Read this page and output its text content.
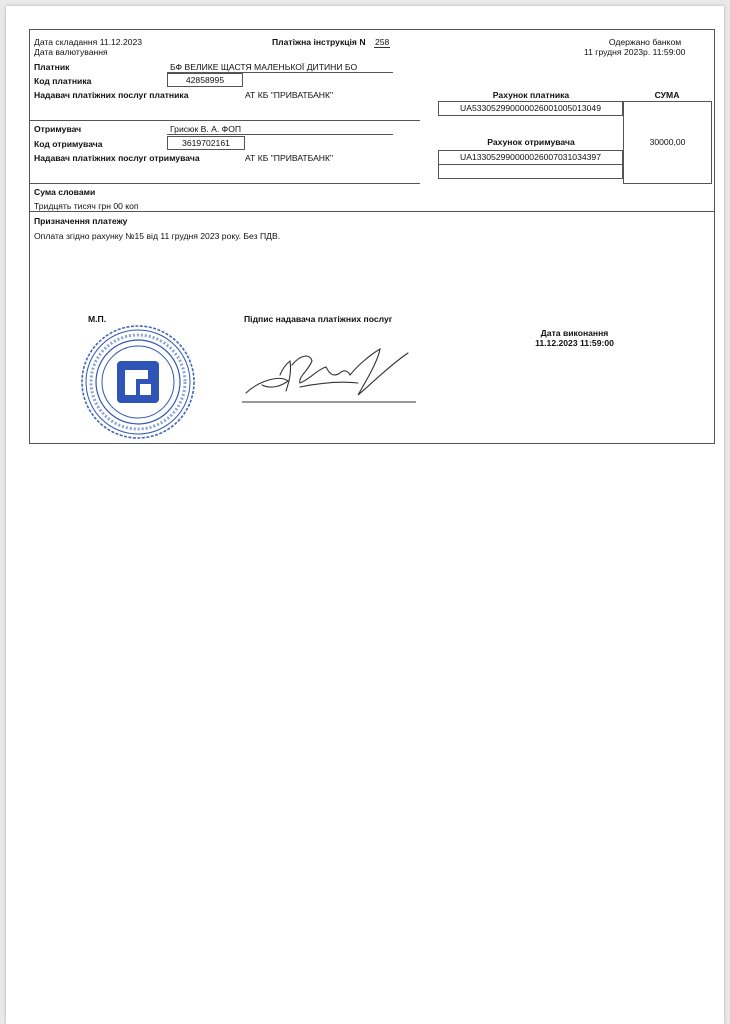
Дата складання 11.12.2023
Дата валютування
Платіжна інструкція N 258	Одержано банком
11 грудня 2023р. 11:59:00
Платник	БФ ВЕЛИКЕ ЩАСТЯ МАЛЕНЬКОЇ ДИТИНИ БО
Код платника	42858995
Надавач платіжних послуг платника	АТ КБ "ПРИВАТБАНК"	Рахунок платника
UA533052990000026001005013049
СУМА
30000,00
Отримувач	Грисюк В. А. ФОП
Код отримувача	3619702161
Надавач платіжних послуг отримувача	АТ КБ "ПРИВАТБАНК"
Рахунок отримувача
UA133052990000026007031034397
Сума словами
Тридцять тисяч грн 00 коп
Призначення платежу
Оплата згідно рахунку №15 від 11 грудня 2023 року. Без ПДВ.
М.П.	Підпис надавача платіжних послуг
Дата виконання
11.12.2023 11:59:00
